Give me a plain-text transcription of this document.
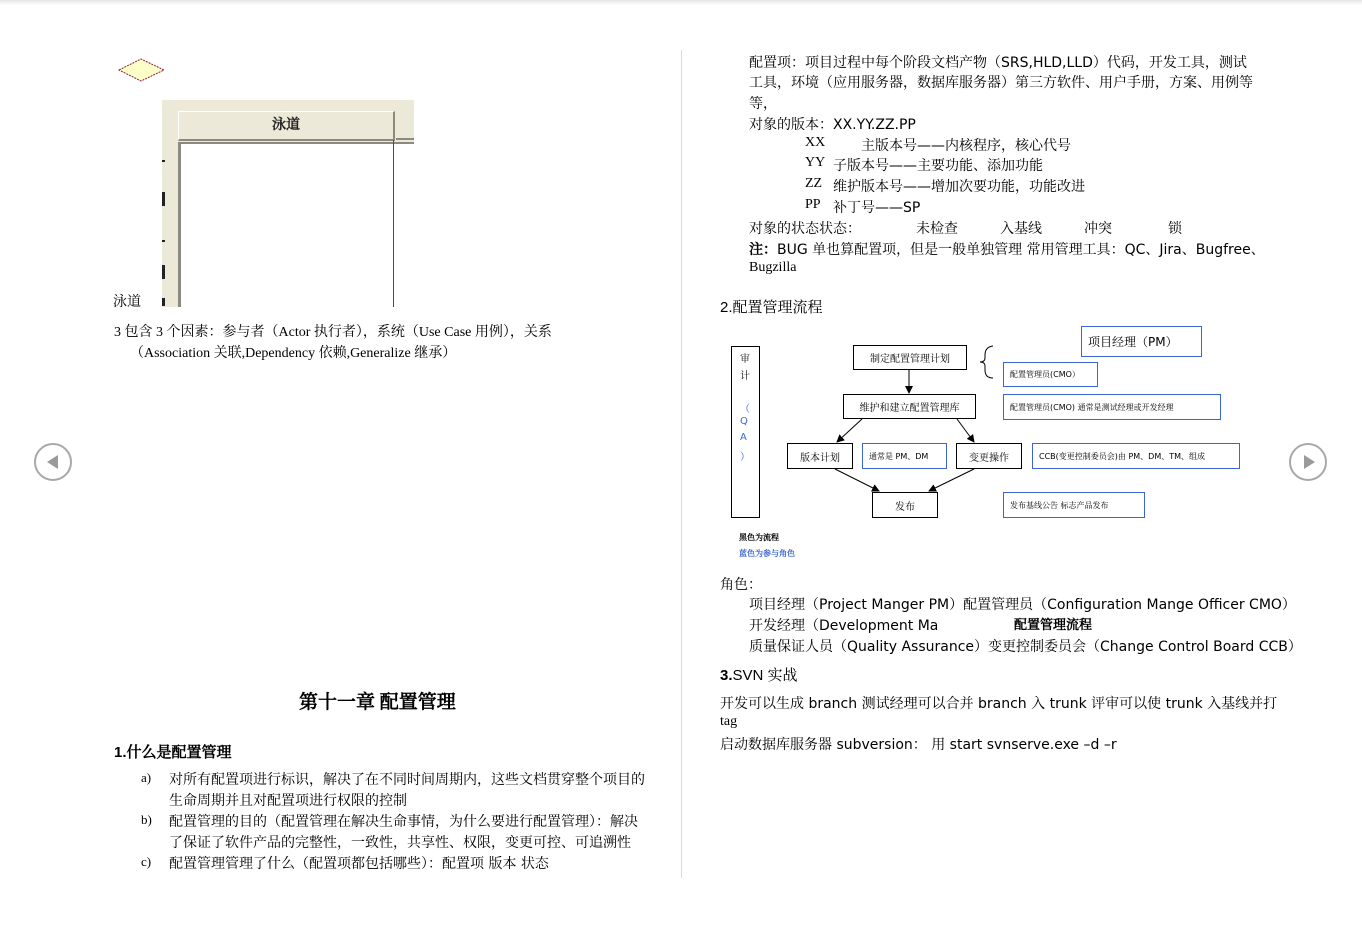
泳道
泳道
3 包含 3 个因素：参与者（Actor 执行者），系统（Use Case 用例），关系
（Association 关联,Dependency 依赖,Generalize 继承）
第十一章 配置管理
1.什么是配置管理
a) 对所有配置项进行标识，解决了在不同时间周期内，这些文档贯穿整个项目的
生命周期并且对配置项进行权限的控制
b) 配置管理的目的（配置管理在解决生命事情，为什么要进行配置管理）：解决
了保证了软件产品的完整性，一致性，共享性、权限，变更可控、可追溯性
c) 配置管理管理了什么（配置项都包括哪些）：配置项 版本 状态
配置项：项目过程中每个阶段文档产物（SRS,HLD,LLD）代码，开发工具，测试
工具，环境（应用服务器，数据库服务器）第三方软件、用户手册，方案、用例等
等，
对象的版本：XX.YY.ZZ.PP
XX	主版本号——内核程序，核心代号
YY 子版本号——主要功能、添加功能
ZZ 维护版本号——增加次要功能，功能改进
PP 补丁号——SP
对象的状态状态：	未检查	入基线	冲突	锁
注： BUG 单也算配置项，但是一般单独管理 常用管理工具：QC、Jira、Bugfree、
Bugzilla
2.配置管理流程
审
计
（
Q
A
）
制定配置管理计划
维护和建立配置管理库
版本计划	通常是 PM、DM	变更操作
发布
项目经理（PM）
配置管理员(CMO）
配置管理员(CMO) 通常是测试经理或开发经理
CCB(变更控制委员会)由 PM、DM、TM、组成
发布基线公告 标志产品发布
黑色为流程
蓝色为参与角色
角色：
项目经理（Project Manger PM）配置管理员（Configuration Mange Officer CMO）
开发经理（Development Ma	配置管理流程
质量保证人员（Quality Assurance）变更控制委员会（Change Control Board CCB）
3.SVN 实战
开发可以生成 branch 测试经理可以合并 branch 入 trunk 评审可以使 trunk 入基线并打
tag
启动数据库服务器 subversion： 用 start svnserve.exe –d –r
